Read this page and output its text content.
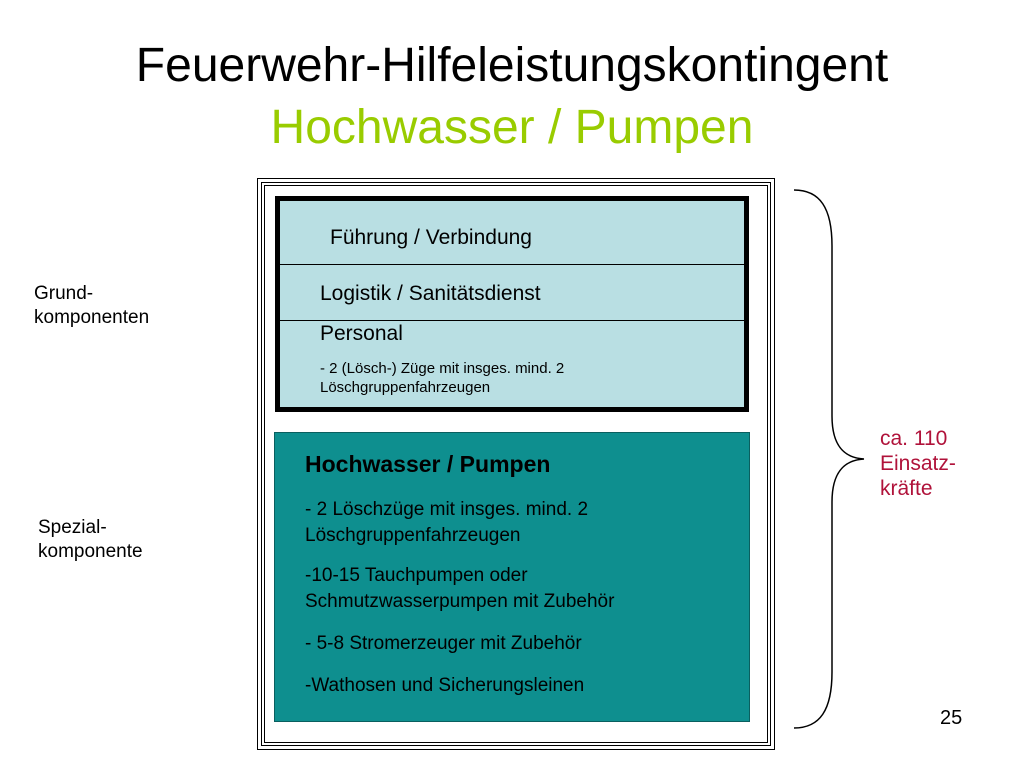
Feuerwehr-Hilfeleistungskontingent
Hochwasser / Pumpen
Grund-
komponenten
Spezial-
komponente
Führung / Verbindung
Logistik / Sanitätsdienst
Personal
- 2 (Lösch-) Züge mit insges. mind. 2
Löschgruppenfahrzeugen
Hochwasser / Pumpen
- 2 Löschzüge mit insges. mind. 2
Löschgruppenfahrzeugen
-10-15 Tauchpumpen oder
Schmutzwasserpumpen mit Zubehör
- 5-8 Stromerzeuger mit Zubehör
-Wathosen und Sicherungsleinen
ca. 110
Einsatz-
kräfte
25
